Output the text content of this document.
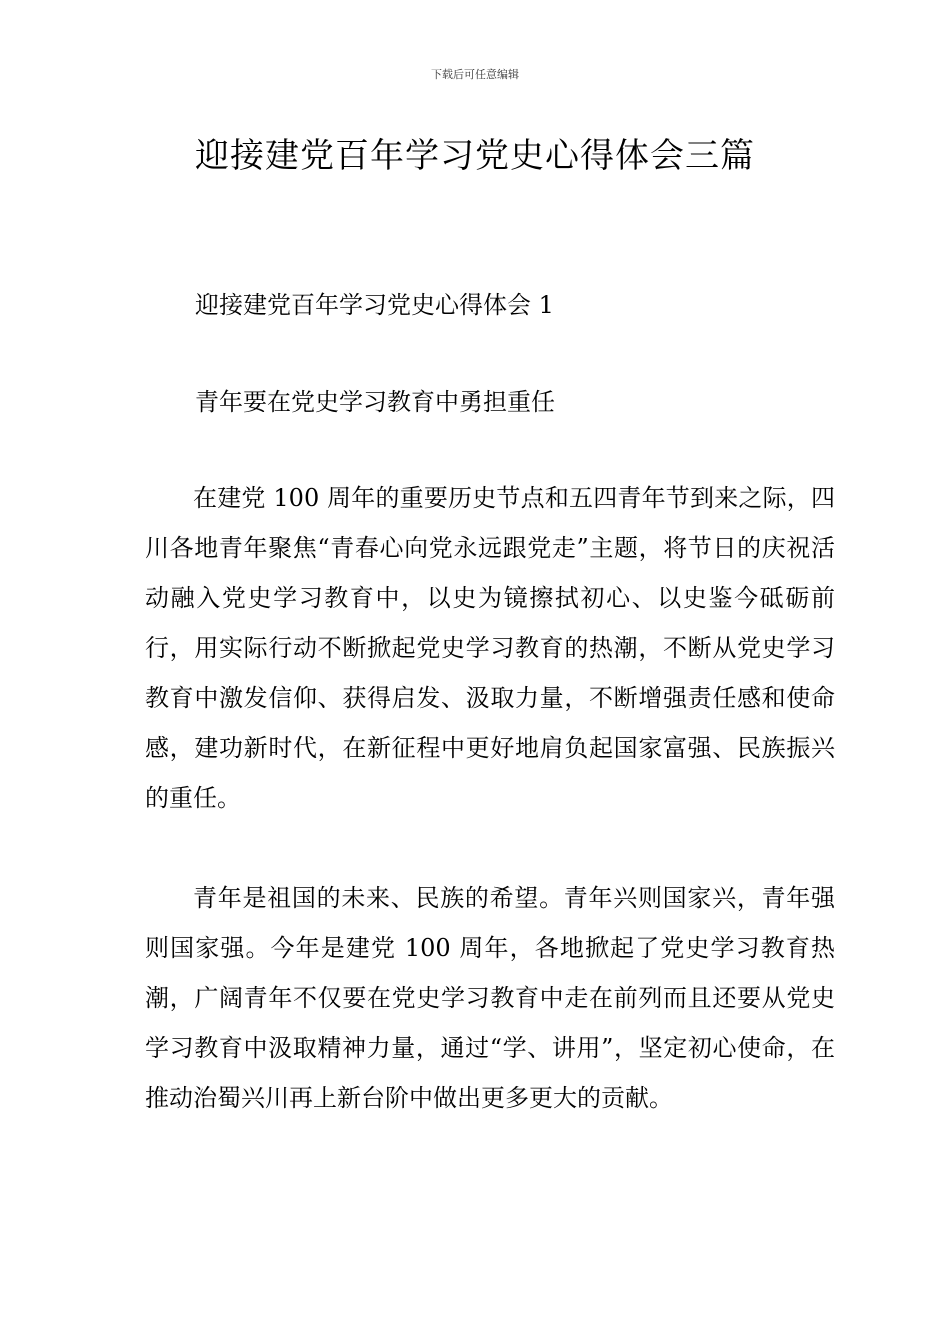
下载后可任意编辑
迎接建党百年学习党史心得体会三篇
迎接建党百年学习党史心得体会 1
青年要在党史学习教育中勇担重任
在建党 100 周年的重要历史节点和五四青年节到来之际，四川各地青年聚焦“青春心向党永远跟党走”主题，将节日的庆祝活动融入党史学习教育中，以史为镜擦拭初心、以史鉴今砥砺前行，用实际行动不断掀起党史学习教育的热潮，不断从党史学习教育中激发信仰、获得启发、汲取力量，不断增强责任感和使命感，建功新时代，在新征程中更好地肩负起国家富强、民族振兴的重任。
青年是祖国的未来、民族的希望。青年兴则国家兴，青年强则国家强。今年是建党 100 周年，各地掀起了党史学习教育热潮，广阔青年不仅要在党史学习教育中走在前列而且还要从党史学习教育中汲取精神力量，通过“学、讲用”，坚定初心使命，在推动治蜀兴川再上新台阶中做出更多更大的贡献。
